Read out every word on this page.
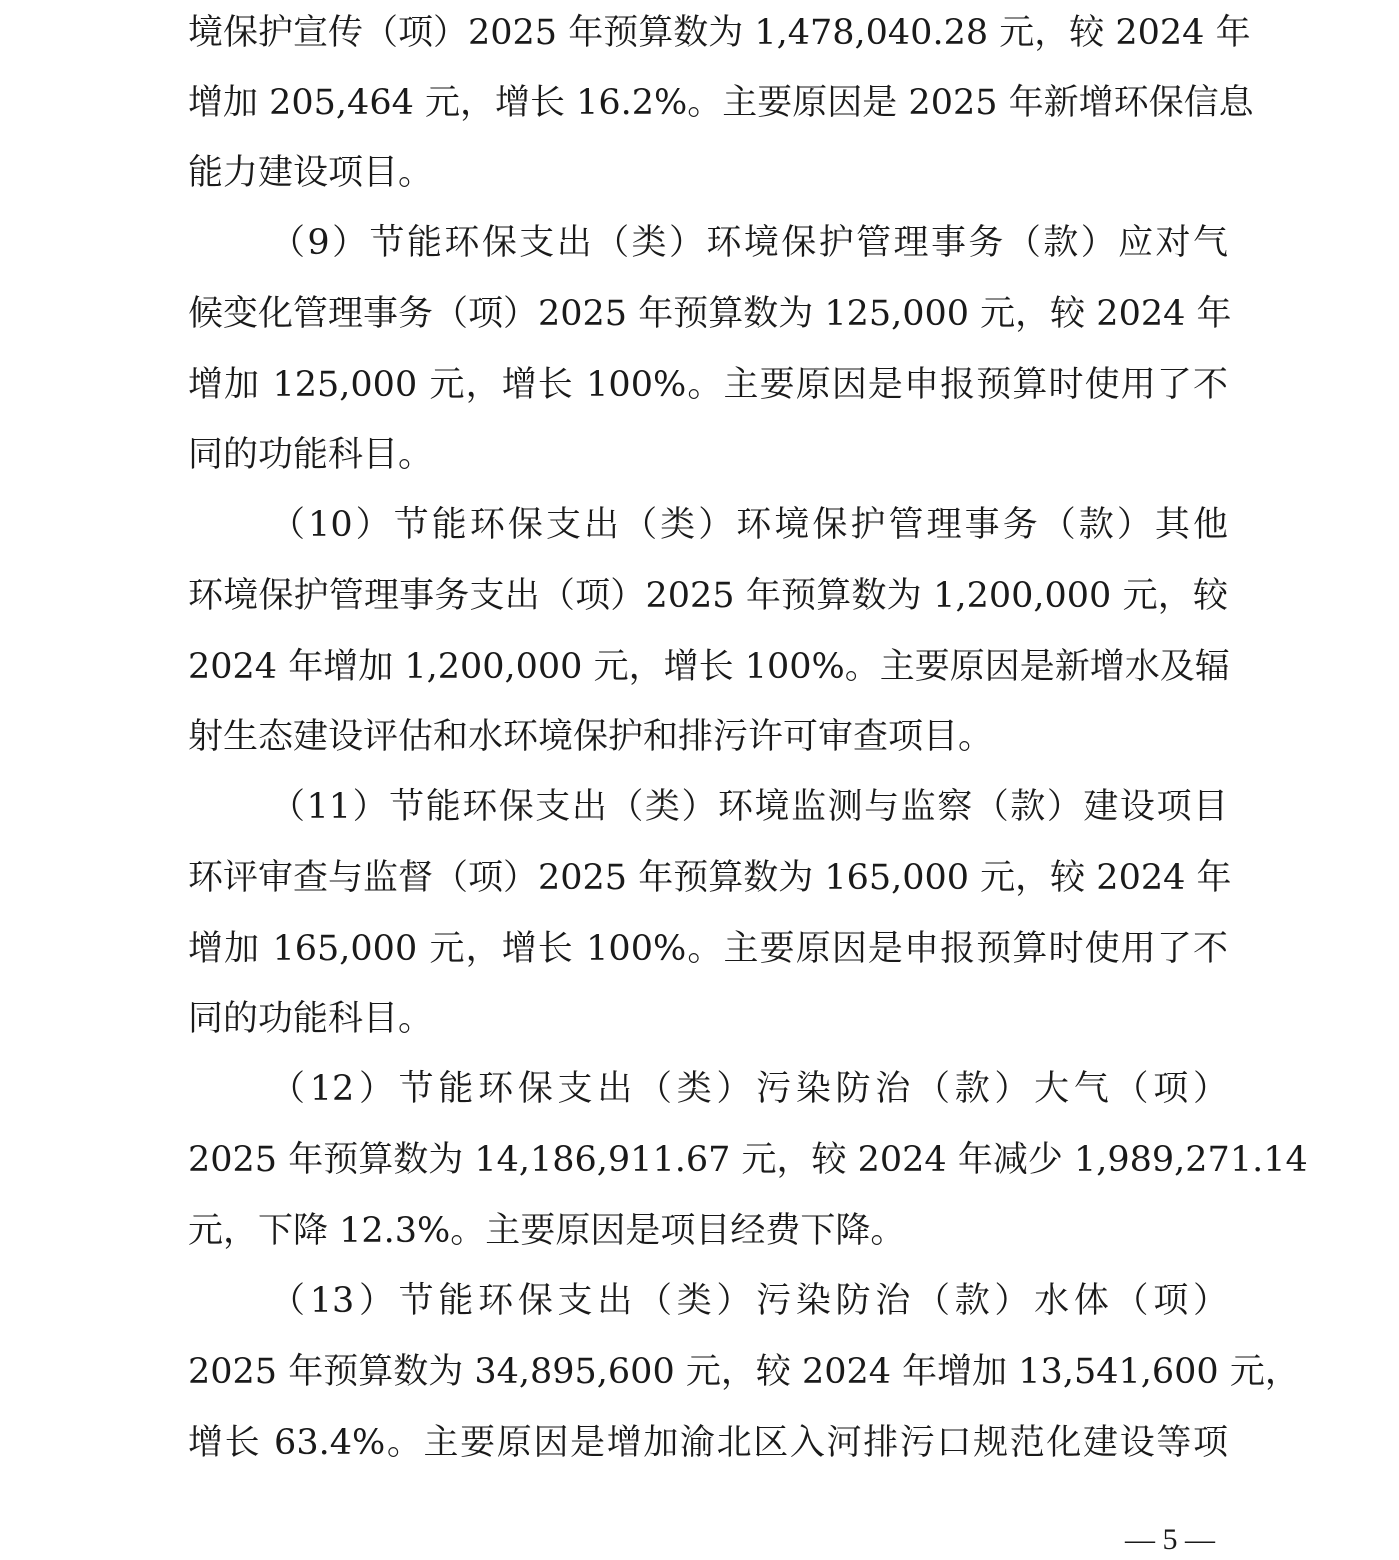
境保护宣传（项）2025 年预算数为 1,478,040.28 元，较 2024 年
增加 205,464 元，增长 16.2%。主要原因是 2025 年新增环保信息
能力建设项目。
（9）节能环保支出（类）环境保护管理事务（款）应对气
候变化管理事务（项）2025 年预算数为 125,000 元，较 2024 年
增加 125,000 元，增长 100%。主要原因是申报预算时使用了不
同的功能科目。
（10）节能环保支出（类）环境保护管理事务（款）其他
环境保护管理事务支出（项）2025 年预算数为 1,200,000 元，较
2024 年增加 1,200,000 元，增长 100%。主要原因是新增水及辐
射生态建设评估和水环境保护和排污许可审查项目。
（11）节能环保支出（类）环境监测与监察（款）建设项目
环评审查与监督（项）2025 年预算数为 165,000 元，较 2024 年
增加 165,000 元，增长 100%。主要原因是申报预算时使用了不
同的功能科目。
（12）节能环保支出（类）污染防治（款）大气（项）
2025 年预算数为 14,186,911.67 元，较 2024 年减少 1,989,271.14
元，下降 12.3%。主要原因是项目经费下降。
（13）节能环保支出（类）污染防治（款）水体（项）
2025 年预算数为 34,895,600 元，较 2024 年增加 13,541,600 元，
增长 63.4%。主要原因是增加渝北区入河排污口规范化建设等项
— 5 —
